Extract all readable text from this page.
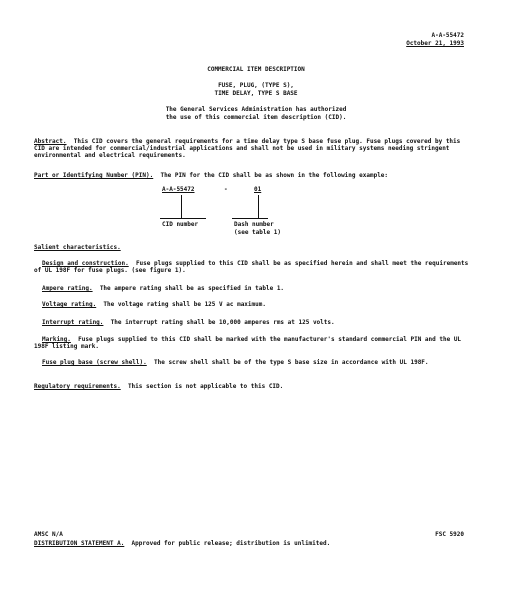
A-A-55472
October 21, 1993
COMMERCIAL ITEM DESCRIPTION
FUSE, PLUG, (TYPE S),
TIME DELAY, TYPE S BASE
The General Services Administration has authorized
the use of this commercial item description (CID).
Abstract. This CID covers the general requirements for a time delay type S base fuse plug. Fuse plugs covered by this CID are intended for commercial/industrial applications and shall not be used in military systems needing stringent environmental and electrical requirements.
Part or Identifying Number (PIN). The PIN for the CID shall be as shown in the following example:
A-A-55472	-	01
CID number	Dash number
(see table 1)
Salient characteristics.
Design and construction. Fuse plugs supplied to this CID shall be as specified herein and shall meet the requirements of UL 198F for fuse plugs. (see figure 1).
Ampere rating. The ampere rating shall be as specified in table 1.
Voltage rating. The voltage rating shall be 125 V ac maximum.
Interrupt rating. The interrupt rating shall be 10,000 amperes rms at 125 volts.
Marking. Fuse plugs supplied to this CID shall be marked with the manufacturer's standard commercial PIN and the UL 198F listing mark.
Fuse plug base (screw shell). The screw shell shall be of the type S base size in accordance with UL 198F.
Regulatory requirements. This section is not applicable to this CID.
AMSC N/A	FSC 5920
DISTRIBUTION STATEMENT A. Approved for public release; distribution is unlimited.
